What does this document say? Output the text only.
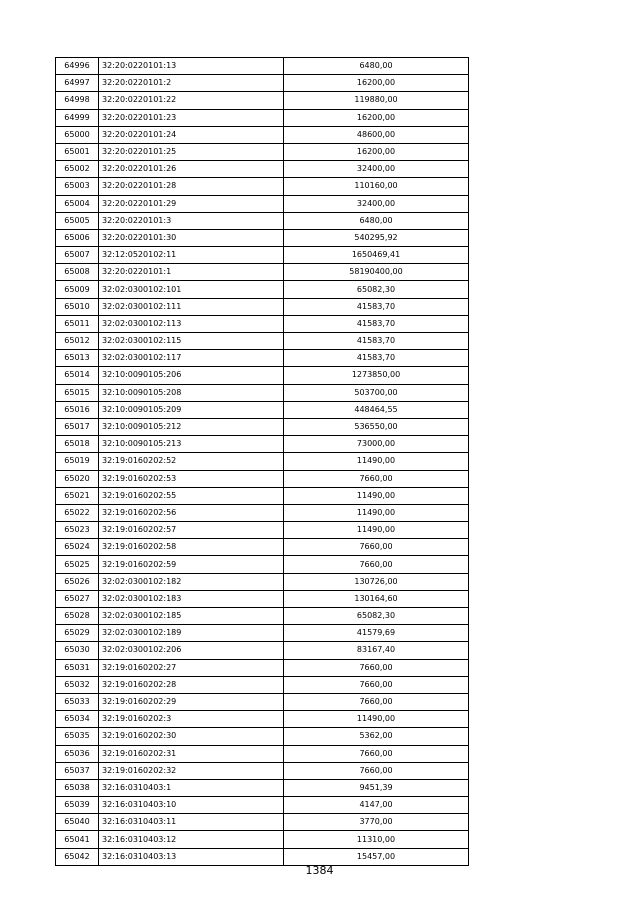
64996	32:20:0220101:13	6480,00
64997	32:20:0220101:2	16200,00
64998	32:20:0220101:22	119880,00
64999	32:20:0220101:23	16200,00
65000	32:20:0220101:24	48600,00
65001	32:20:0220101:25	16200,00
65002	32:20:0220101:26	32400,00
65003	32:20:0220101:28	110160,00
65004	32:20:0220101:29	32400,00
65005	32:20:0220101:3	6480,00
65006	32:20:0220101:30	540295,92
65007	32:12:0520102:11	1650469,41
65008	32:20:0220101:1	58190400,00
65009	32:02:0300102:101	65082,30
65010	32:02:0300102:111	41583,70
65011	32:02:0300102:113	41583,70
65012	32:02:0300102:115	41583,70
65013	32:02:0300102:117	41583,70
65014	32:10:0090105:206	1273850,00
65015	32:10:0090105:208	503700,00
65016	32:10:0090105:209	448464,55
65017	32:10:0090105:212	536550,00
65018	32:10:0090105:213	73000,00
65019	32:19:0160202:52	11490,00
65020	32:19:0160202:53	7660,00
65021	32:19:0160202:55	11490,00
65022	32:19:0160202:56	11490,00
65023	32:19:0160202:57	11490,00
65024	32:19:0160202:58	7660,00
65025	32:19:0160202:59	7660,00
65026	32:02:0300102:182	130726,00
65027	32:02:0300102:183	130164,60
65028	32:02:0300102:185	65082,30
65029	32:02:0300102:189	41579,69
65030	32:02:0300102:206	83167,40
65031	32:19:0160202:27	7660,00
65032	32:19:0160202:28	7660,00
65033	32:19:0160202:29	7660,00
65034	32:19:0160202:3	11490,00
65035	32:19:0160202:30	5362,00
65036	32:19:0160202:31	7660,00
65037	32:19:0160202:32	7660,00
65038	32:16:0310403:1	9451,39
65039	32:16:0310403:10	4147,00
65040	32:16:0310403:11	3770,00
65041	32:16:0310403:12	11310,00
65042	32:16:0310403:13	15457,00
1384
